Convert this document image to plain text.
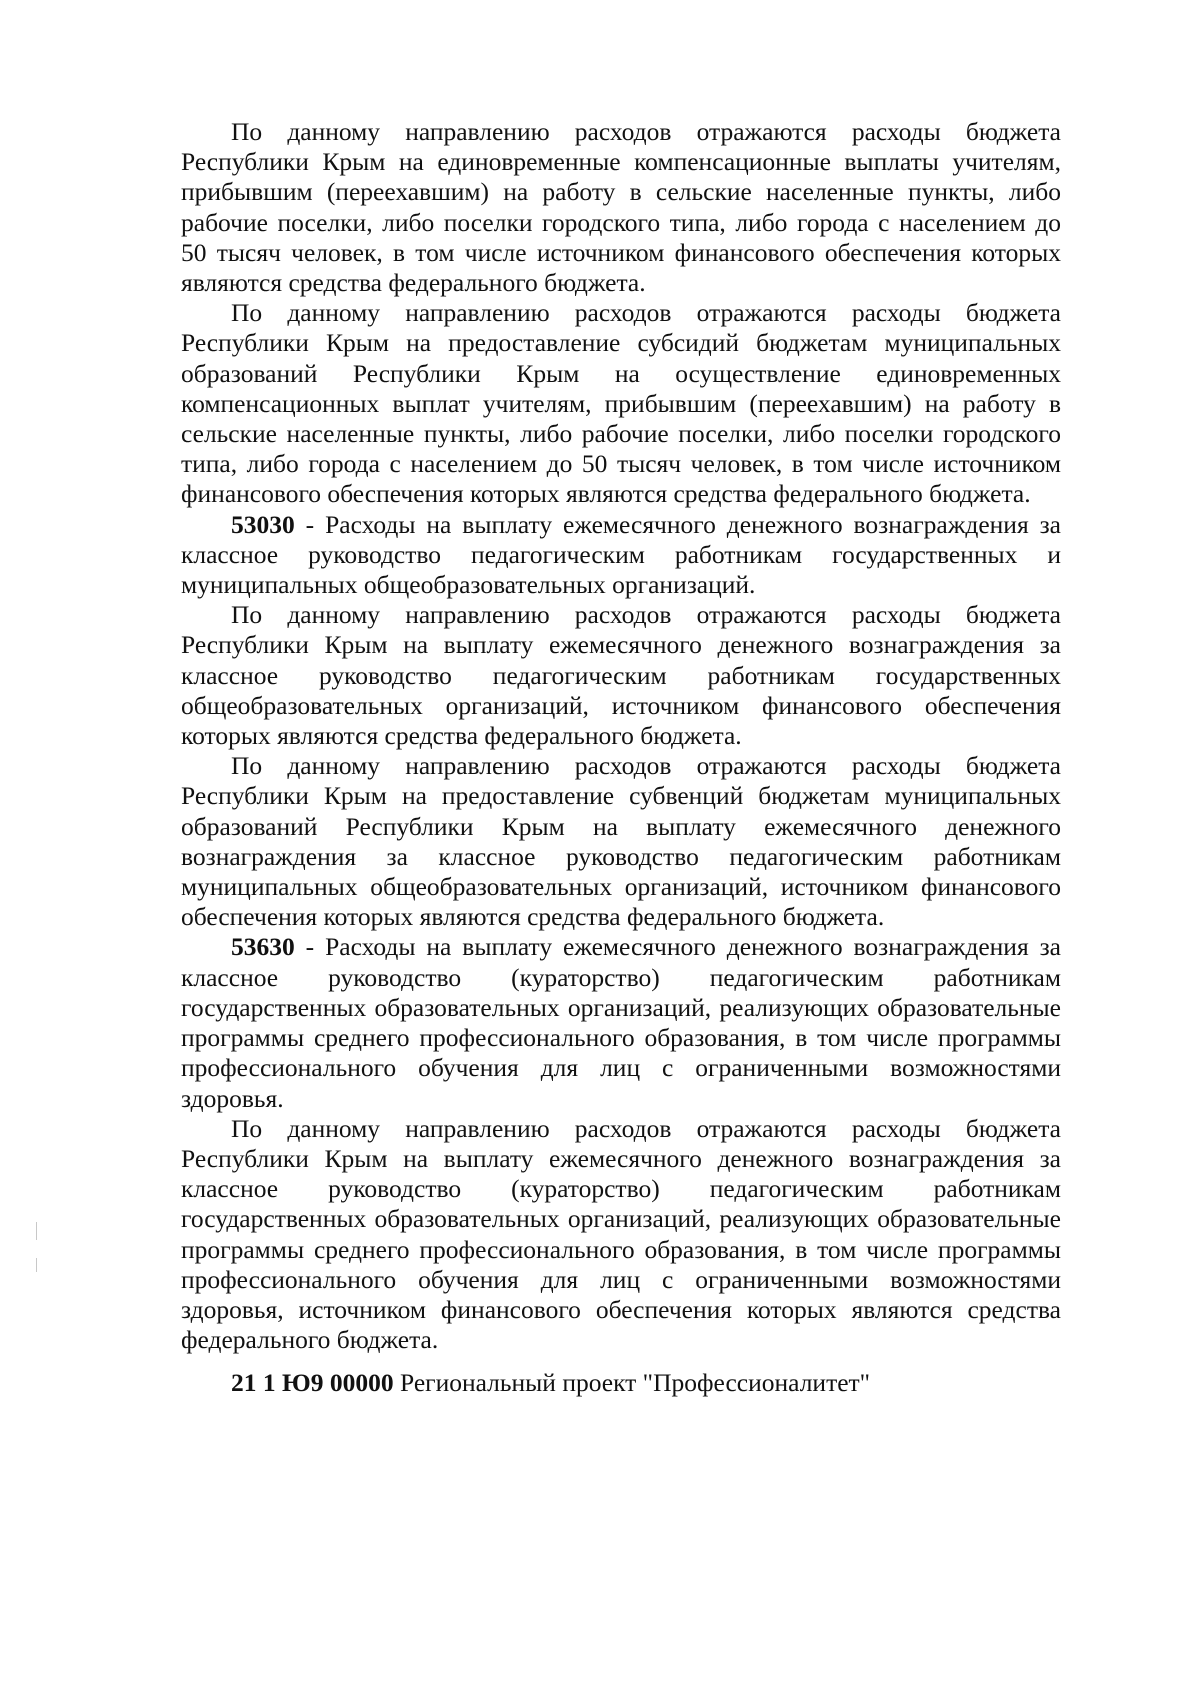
По данному направлению расходов отражаются расходы бюджета Республики Крым на единовременные компенсационные выплаты учителям, прибывшим (переехавшим) на работу в сельские населенные пункты, либо рабочие поселки, либо поселки городского типа, либо города с населением до 50 тысяч человек, в том числе источником финансового обеспечения которых являются средства федерального бюджета.

По данному направлению расходов отражаются расходы бюджета Республики Крым на предоставление субсидий бюджетам муниципальных образований Республики Крым на осуществление единовременных компенсационных выплат учителям, прибывшим (переехавшим) на работу в сельские населенные пункты, либо рабочие поселки, либо поселки городского типа, либо города с населением до 50 тысяч человек, в том числе источником финансового обеспечения которых являются средства федерального бюджета.

53030 - Расходы на выплату ежемесячного денежного вознаграждения за классное руководство педагогическим работникам государственных и муниципальных общеобразовательных организаций.

По данному направлению расходов отражаются расходы бюджета Республики Крым на выплату ежемесячного денежного вознаграждения за классное руководство педагогическим работникам государственных общеобразовательных организаций, источником финансового обеспечения которых являются средства федерального бюджета.

По данному направлению расходов отражаются расходы бюджета Республики Крым на предоставление субвенций бюджетам муниципальных образований Республики Крым на выплату ежемесячного денежного вознаграждения за классное руководство педагогическим работникам муниципальных общеобразовательных организаций, источником финансового обеспечения которых являются средства федерального бюджета.

53630 - Расходы на выплату ежемесячного денежного вознаграждения за классное руководство (кураторство) педагогическим работникам государственных образовательных организаций, реализующих образовательные программы среднего профессионального образования, в том числе программы профессионального обучения для лиц с ограниченными возможностями здоровья.

По данному направлению расходов отражаются расходы бюджета Республики Крым на выплату ежемесячного денежного вознаграждения за классное руководство (кураторство) педагогическим работникам государственных образовательных организаций, реализующих образовательные программы среднего профессионального образования, в том числе программы профессионального обучения для лиц с ограниченными возможностями здоровья, источником финансового обеспечения которых являются средства федерального бюджета.

21 1 Ю9 00000 Региональный проект "Профессионалитет"
